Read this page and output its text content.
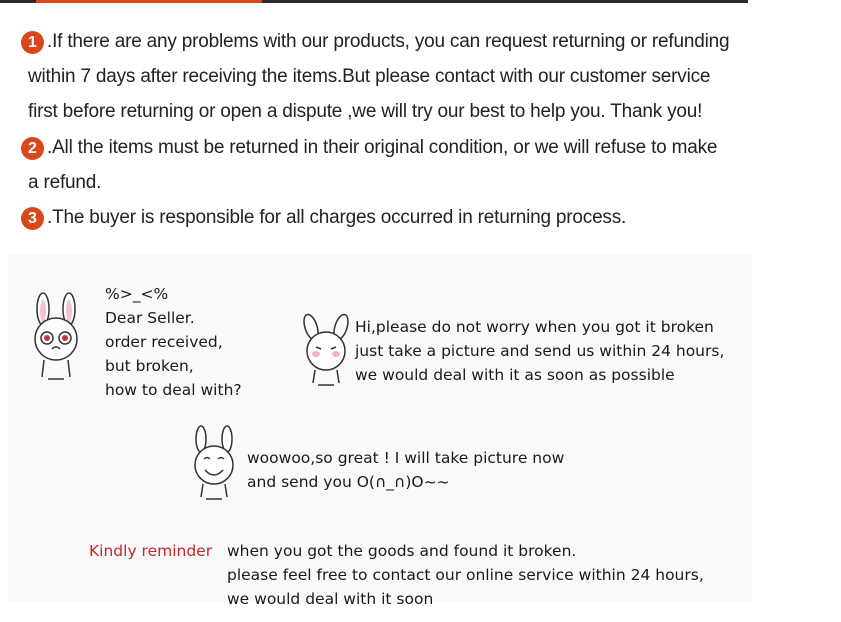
1 .If there are any problems with our products, you can request returning or refunding
within 7 days after receiving the items.But please contact with our customer service
first before returning or open a dispute ,we will try our best to help you. Thank you!
2 .All the items must be returned in their original condition, or we will refuse to make
a refund.
3 .The buyer is responsible for all charges occurred in returning process.
%>_<%
Dear Seller.
order received,
but broken,
how to deal with?
Hi,please do not worry when you got it broken
just take a picture and send us within 24 hours,
we would deal with it as soon as possible
woowoo,so great ! I will take picture now
and send you O(∩_∩)O~~
Kindly reminder when you got the goods and found it broken.
please feel free to contact our online service within 24 hours,
we would deal with it soon
